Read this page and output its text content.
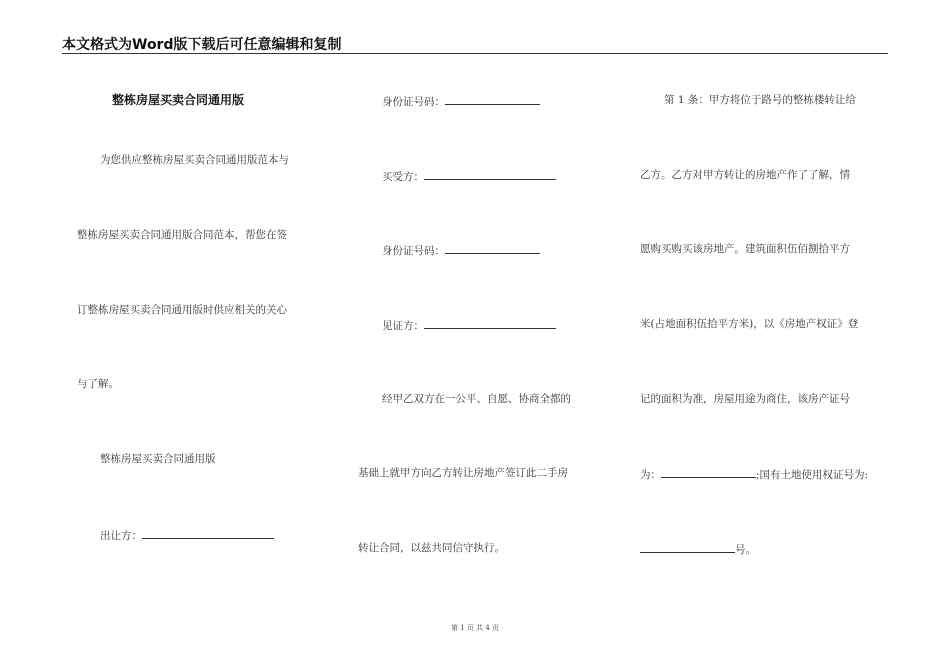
本文格式为Word版下载后可任意编辑和复制
整栋房屋买卖合同通用版
为您供应整栋房屋买卖合同通用版范本与
整栋房屋买卖合同通用版合同范本，帮您在签
订整栋房屋买卖合同通用版时供应相关的关心
与了解。
整栋房屋买卖合同通用版
出让方：
身份证号码：
买受方：
身份证号码：
见证方：
经甲乙双方在一公平、自愿、协商全都的
基础上就甲方向乙方转让房地产签订此二手房
转让合同，以兹共同信守执行。
第 1 条：甲方将位于路号的整栋楼转让给
乙方。乙方对甲方转让的房地产作了了解，情
愿购买购买该房地产。建筑面积伍佰捌拾平方
米(占地面积伍拾平方米)，以《房地产权证》登
记的面积为准，房屋用途为商住，该房产证号
为：	;国有土地使用权证号为:
号。
第 1 页 共 4 页
